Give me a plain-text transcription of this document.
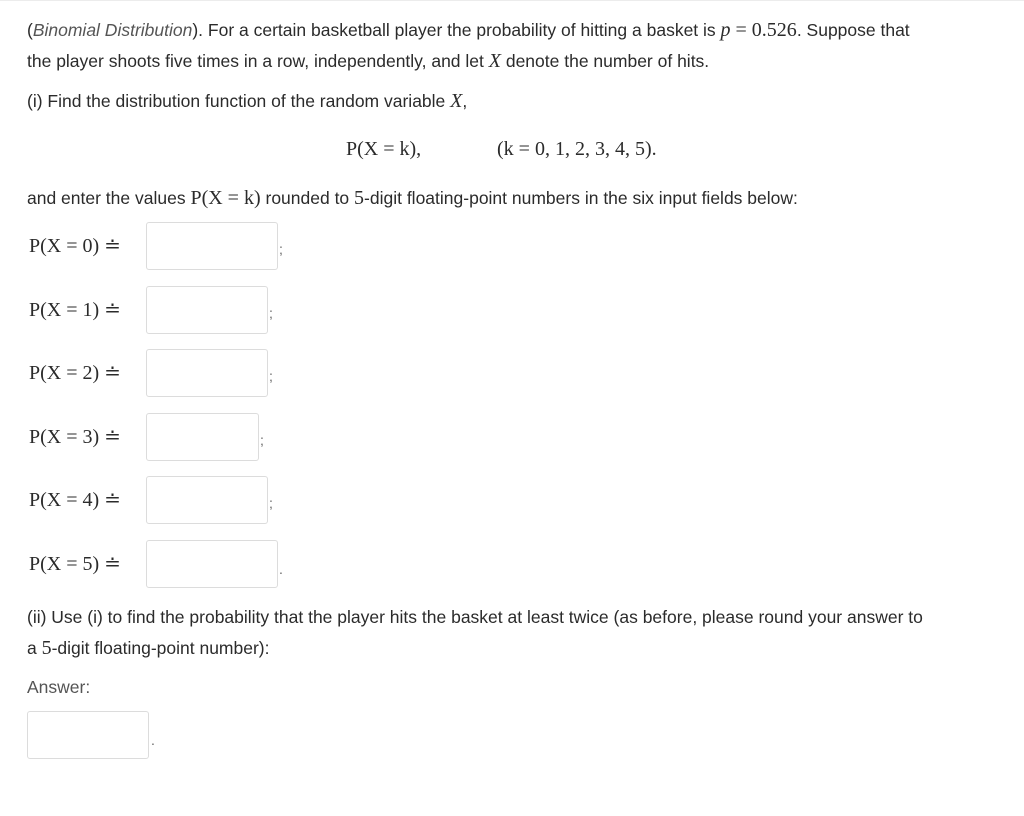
(Binomial Distribution). For a certain basketball player the probability of hitting a basket is p = 0.526. Suppose that
the player shoots five times in a row, independently, and let X denote the number of hits.
(i) Find the distribution function of the random variable X,
P(X = k),	(k = 0, 1, 2, 3, 4, 5).
and enter the values P(X = k) rounded to 5-digit floating-point numbers in the six input fields below:
P(X = 0) ≐	;
P(X = 1) ≐	;
P(X = 2) ≐	;
P(X = 3) ≐	;
P(X = 4) ≐	;
P(X = 5) ≐	.
(ii) Use (i) to find the probability that the player hits the basket at least twice (as before, please round your answer to
a 5-digit floating-point number):
Answer:
.
